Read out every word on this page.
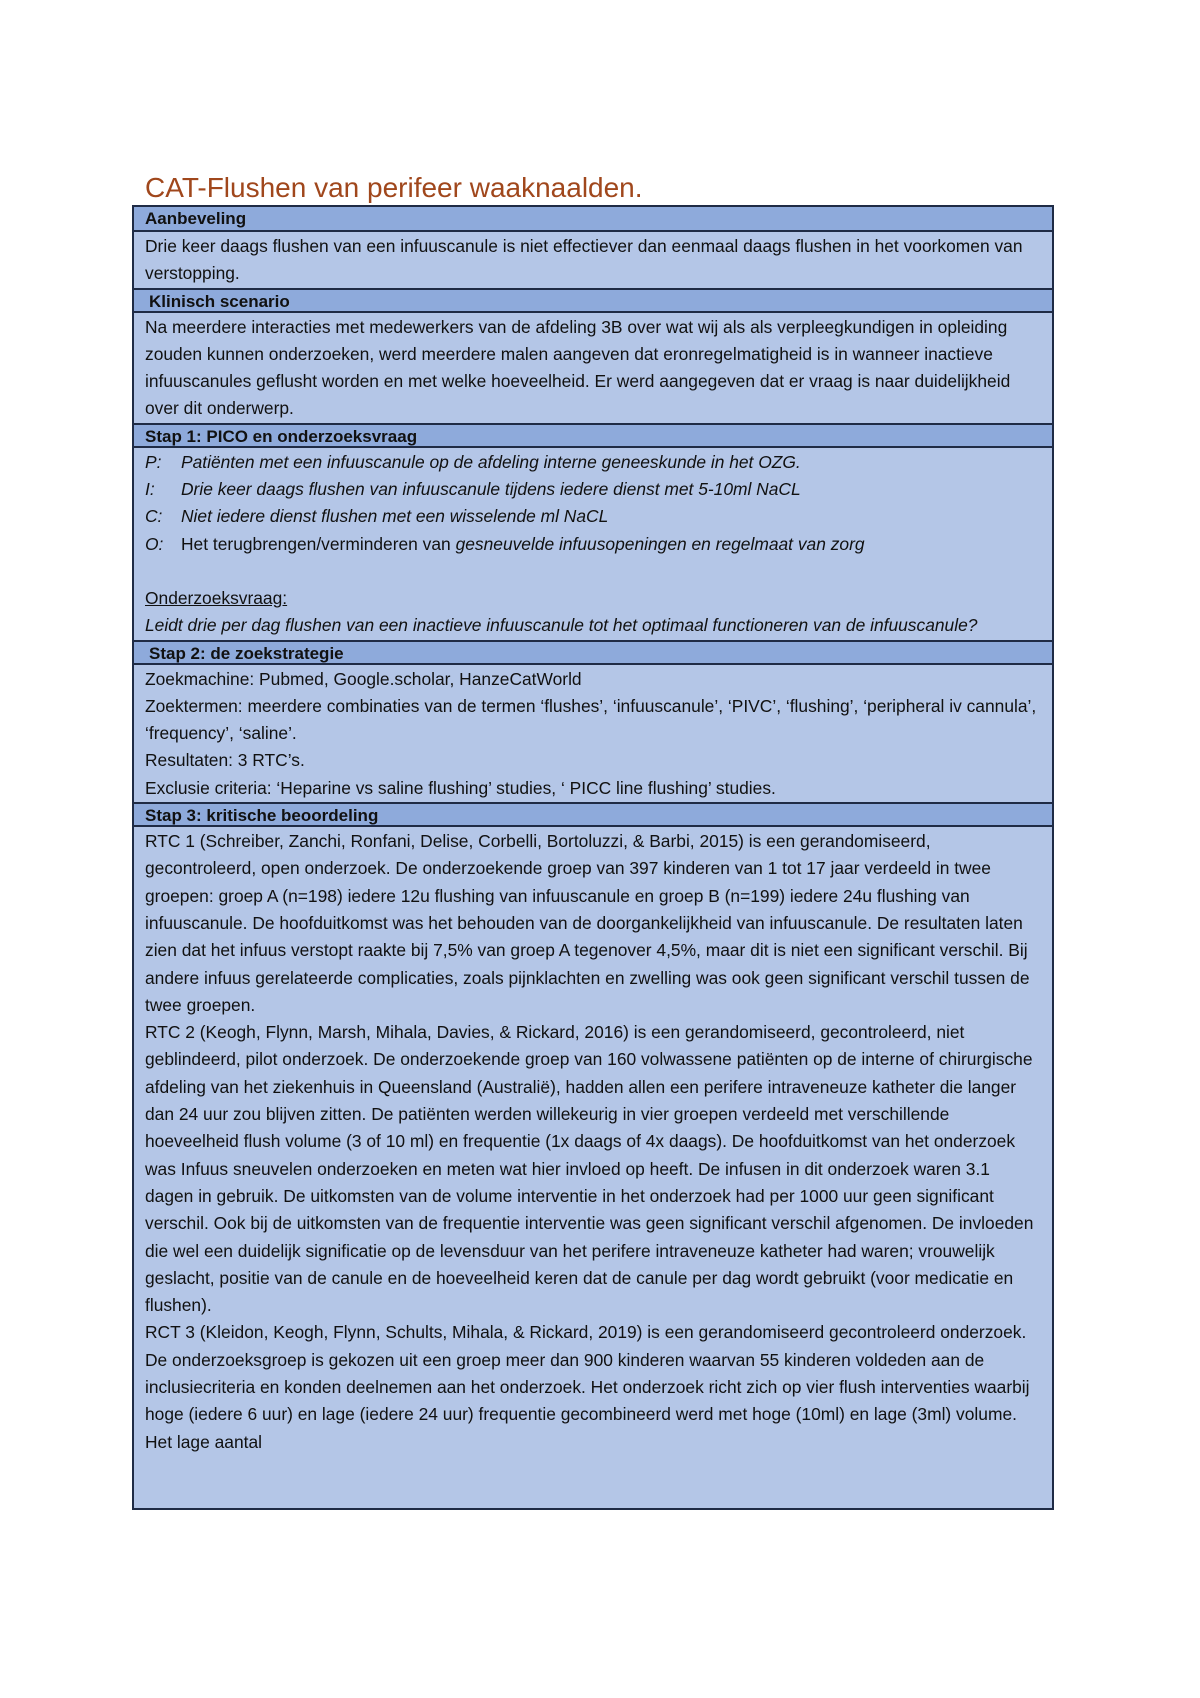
CAT-Flushen van perifeer waaknaalden.
Aanbeveling

Drie keer daags flushen van een infuuscanule is niet effectiever dan eenmaal daags flushen in het voorkomen van verstopping.

Klinisch scenario

Na meerdere interacties met medewerkers van de afdeling 3B over wat wij als als verpleegkundigen in opleiding zouden kunnen onderzoeken, werd meerdere malen aangeven dat eronregelmatigheid is in wanneer inactieve infuuscanules geflusht worden en met welke hoeveelheid. Er werd aangegeven dat er vraag is naar duidelijkheid over dit onderwerp.

Stap 1: PICO en onderzoeksvraag

P: Patiënten met een infuuscanule op de afdeling interne geneeskunde in het OZG.

I: Drie keer daags flushen van infuuscanule tijdens iedere dienst met 5-10ml NaCL

C: Niet iedere dienst flushen met een wisselende ml NaCL

O: Het terugbrengen/verminderen van gesneuvelde infuusopeningen en regelmaat van zorg

Onderzoeksvraag:

Leidt drie per dag flushen van een inactieve infuuscanule tot het optimaal functioneren van de infuuscanule?

Stap 2: de zoekstrategie

Zoekmachine: Pubmed, Google.scholar, HanzeCatWorld

Zoektermen: meerdere combinaties van de termen ‘flushes’, ‘infuuscanule’, ‘PIVC’, ‘flushing’, ‘peripheral iv cannula’, ‘frequency’, ‘saline’.

Resultaten: 3 RTC’s.

Exclusie criteria: ‘Heparine vs saline flushing’ studies, ‘ PICC line flushing’ studies.

Stap 3: kritische beoordeling

RTC 1 (Schreiber, Zanchi, Ronfani, Delise, Corbelli, Bortoluzzi, & Barbi, 2015) is een gerandomiseerd, gecontroleerd, open onderzoek. De onderzoekende groep van 397 kinderen van 1 tot 17 jaar verdeeld in twee groepen: groep A (n=198) iedere 12u flushing van infuuscanule en groep B (n=199) iedere 24u flushing van infuuscanule. De hoofduitkomst was het behouden van de doorgankelijkheid van infuuscanule. De resultaten laten zien dat het infuus verstopt raakte bij 7,5% van groep A tegenover 4,5%, maar dit is niet een significant verschil. Bij andere infuus gerelateerde complicaties, zoals pijnklachten en zwelling was ook geen significant verschil tussen de twee groepen.

RTC 2 (Keogh, Flynn, Marsh, Mihala, Davies, & Rickard, 2016) is een gerandomiseerd, gecontroleerd, niet geblindeerd, pilot onderzoek. De onderzoekende groep van 160 volwassene patiënten op de interne of chirurgische afdeling van het ziekenhuis in Queensland (Australië), hadden allen een perifere intraveneuze katheter die langer dan 24 uur zou blijven zitten. De patiënten werden willekeurig in vier groepen verdeeld met verschillende hoeveelheid flush volume (3 of 10 ml) en frequentie (1x daags of 4x daags). De hoofduitkomst van het onderzoek was Infuus sneuvelen onderzoeken en meten wat hier invloed op heeft. De infusen in dit onderzoek waren 3.1 dagen in gebruik. De uitkomsten van de volume interventie in het onderzoek had per 1000 uur geen significant verschil. Ook bij de uitkomsten van de frequentie interventie was geen significant verschil afgenomen. De invloeden die wel een duidelijk significatie op de levensduur van het perifere intraveneuze katheter had waren; vrouwelijk geslacht, positie van de canule en de hoeveelheid keren dat de canule per dag wordt gebruikt (voor medicatie en flushen).

RCT 3 (Kleidon, Keogh, Flynn, Schults, Mihala, & Rickard, 2019) is een gerandomiseerd gecontroleerd onderzoek. De onderzoeksgroep is gekozen uit een groep meer dan 900 kinderen waarvan 55 kinderen voldeden aan de inclusiecriteria en konden deelnemen aan het onderzoek. Het onderzoek richt zich op vier flush interventies waarbij hoge (iedere 6 uur) en lage (iedere 24 uur) frequentie gecombineerd werd met hoge (10ml) en lage (3ml) volume. Het lage aantal
